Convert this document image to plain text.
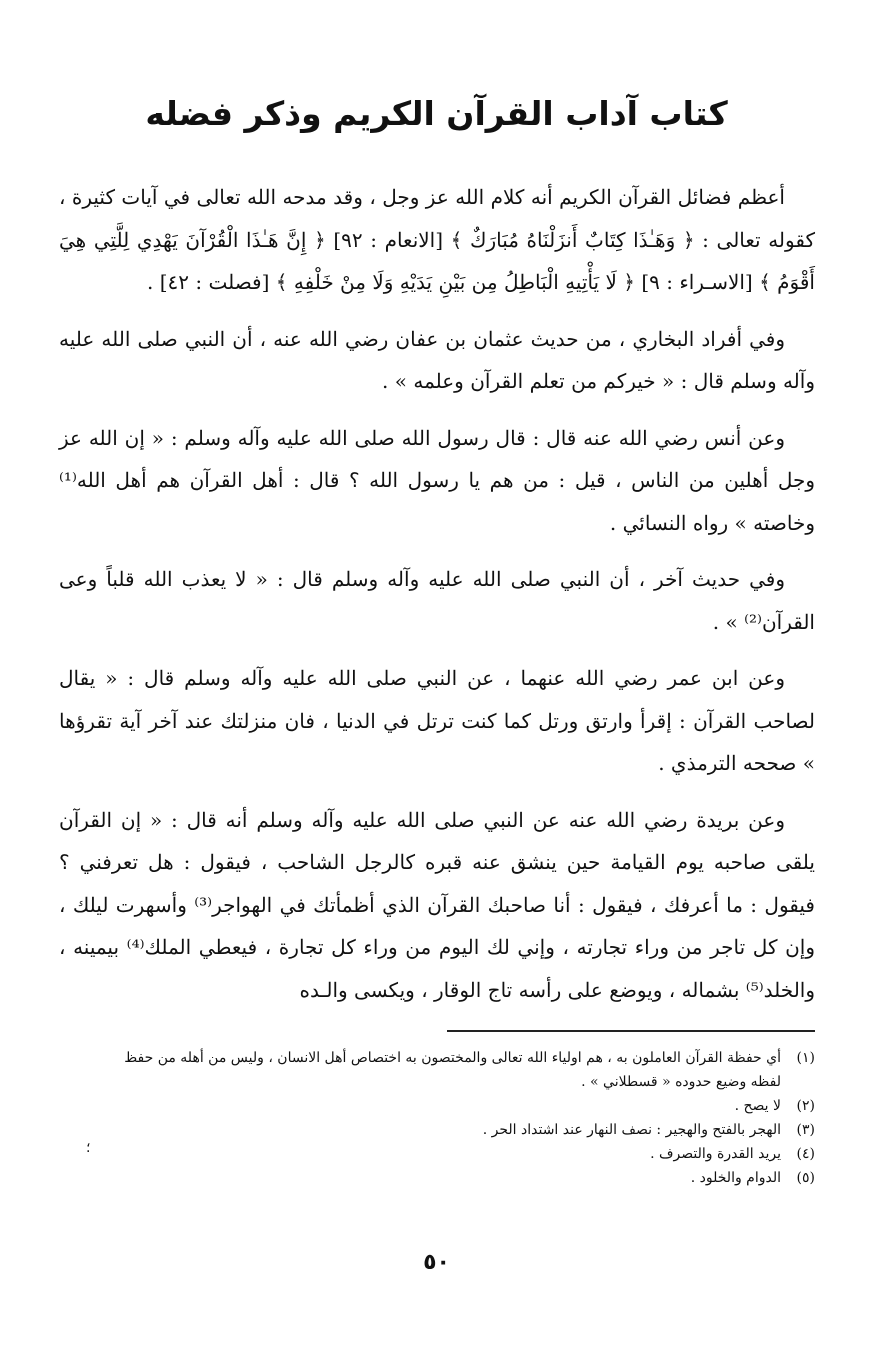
كتاب آداب القرآن الكريم وذكر فضله

أعظم فضائل القرآن الكريم أنه كلام الله عز وجل ، وقد مدحه الله تعالى في آيات كثيرة ، كقوله تعالى : ﴿ وَهَـٰذَا كِتَابٌ أَنزَلْنَاهُ مُبَارَكٌ ﴾ [الانعام : ٩٢] ﴿ إِنَّ هَـٰذَا الْقُرْآنَ يَهْدِي لِلَّتِي هِيَ أَقْوَمُ ﴾ [الاسـراء : ٩] ﴿ لَا يَأْتِيهِ الْبَاطِلُ مِن بَيْنِ يَدَيْهِ وَلَا مِنْ خَلْفِهِ ﴾ [فصلت : ٤٢] .

وفي أفراد البخاري ، من حديث عثمان بن عفان رضي الله عنه ، أن النبي صلى الله عليه وآله وسلم قال : « خيركم من تعلم القرآن وعلمه » .

وعن أنس رضي الله عنه قال : قال رسول الله صلى الله عليه وآله وسلم : « إن الله عز وجل أهلين من الناس ، قيل : من هم يا رسول الله ؟ قال : أهل القرآن هم أهل الله⁽¹⁾ وخاصته » رواه النسائي .

وفي حديث آخر ، أن النبي صلى الله عليه وآله وسلم قال : « لا يعذب الله قلباً وعى القرآن⁽²⁾ » .

وعن ابن عمر رضي الله عنهما ، عن النبي صلى الله عليه وآله وسلم قال : « يقال لصاحب القرآن : إقرأ وارتق ورتل كما كنت ترتل في الدنيا ، فان منزلتك عند آخر آية تقرؤها » صححه الترمذي .

وعن بريدة رضي الله عنه عن النبي صلى الله عليه وآله وسلم أنه قال : « إن القرآن يلقى صاحبه يوم القيامة حين ينشق عنه قبره كالرجل الشاحب ، فيقول : هل تعرفني ؟ فيقول : ما أعرفك ، فيقول : أنا صاحبك القرآن الذي أظمأتك في الهواجر⁽³⁾ وأسهرت ليلك ، وإن كل تاجر من وراء تجارته ، وإني لك اليوم من وراء كل تجارة ، فيعطي الملك⁽⁴⁾ بيمينه ، والخلد⁽⁵⁾ بشماله ، ويوضع على رأسه تاج الوقار ، ويكسى والـده

(١)
أي حفظة القرآن العاملون به ، هم اولياء الله تعالى والمختصون به اختصاص أهل الانسان ، وليس من أهله من حفظ

لفظه وضيع حدوده « قسطلاني » .

(٢)
لا يصح .
(٣)
الهجر بالفتح والهجير : نصف النهار عند اشتداد الحر .
(٤)
يريد القدرة والتصرف .
(٥)
الدوام والخلود .
؛
٥٠
